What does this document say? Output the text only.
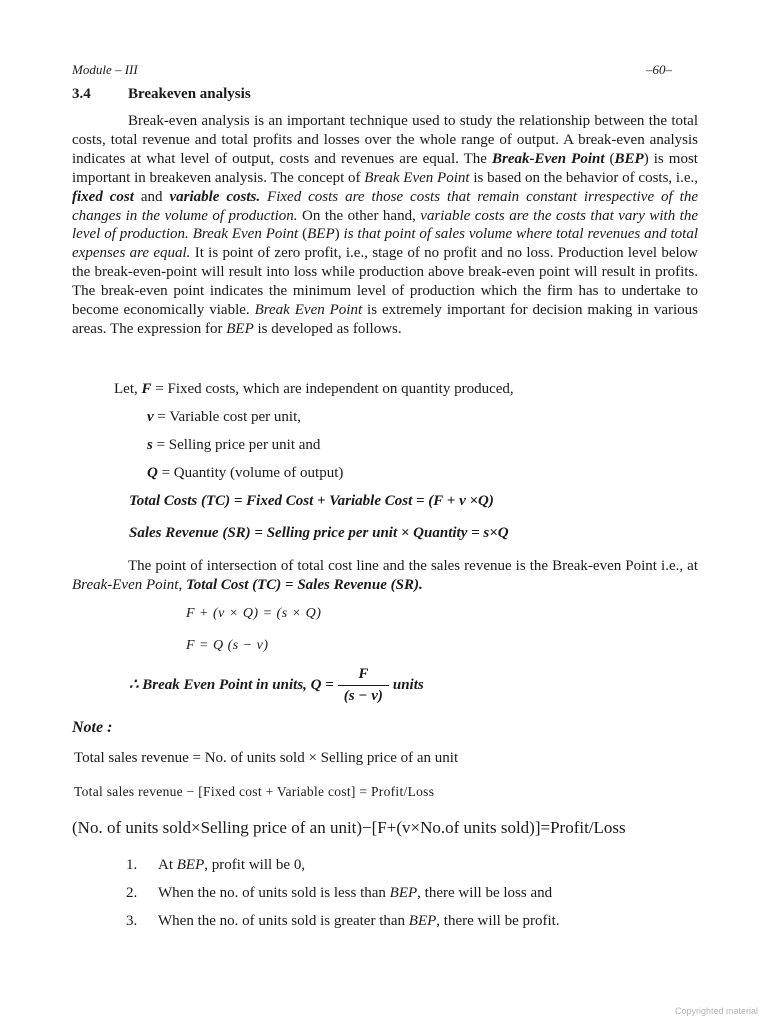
Module – III	–60–
3.4 Breakeven analysis
Break-even analysis is an important technique used to study the relationship between the total costs, total revenue and total profits and losses over the whole range of output. A break-even analysis indicates at what level of output, costs and revenues are equal. The Break-Even Point (BEP) is most important in breakeven analysis. The concept of Break Even Point is based on the behavior of costs, i.e., fixed cost and variable costs. Fixed costs are those costs that remain constant irrespective of the changes in the volume of production. On the other hand, variable costs are the costs that vary with the level of production. Break Even Point (BEP) is that point of sales volume where total revenues and total expenses are equal. It is point of zero profit, i.e., stage of no profit and no loss. Production level below the break-even-point will result into loss while production above break-even point will result in profits. The break-even point indicates the minimum level of production which the firm has to undertake to become economically viable. Break Even Point is extremely important for decision making in various areas. The expression for BEP is developed as follows.
Let, F = Fixed costs, which are independent on quantity produced,
v = Variable cost per unit,
s = Selling price per unit and
Q = Quantity (volume of output)
Total Costs (TC) = Fixed Cost + Variable Cost = (F + v ×Q)
Sales Revenue (SR) = Selling price per unit × Quantity = s×Q
The point of intersection of total cost line and the sales revenue is the Break-even Point i.e., at Break-Even Point, Total Cost (TC) = Sales Revenue (SR).
F + (v × Q) = (s × Q)
F = Q (s − v)
∴ Break Even Point in units, $Q = \frac{F}{(s - v)}$ units
Note :
Total sales revenue = No. of units sold × Selling price of an unit
Total sales revenue − [Fixed cost + Variable cost] = Profit/Loss
(No. of units sold×Selling price of an unit)−[F+(v×No.of units sold)]=Profit/Loss
1. At BEP, profit will be 0,
2. When the no. of units sold is less than BEP, there will be loss and
3. When the no. of units sold is greater than BEP, there will be profit.
Copyrighted material
